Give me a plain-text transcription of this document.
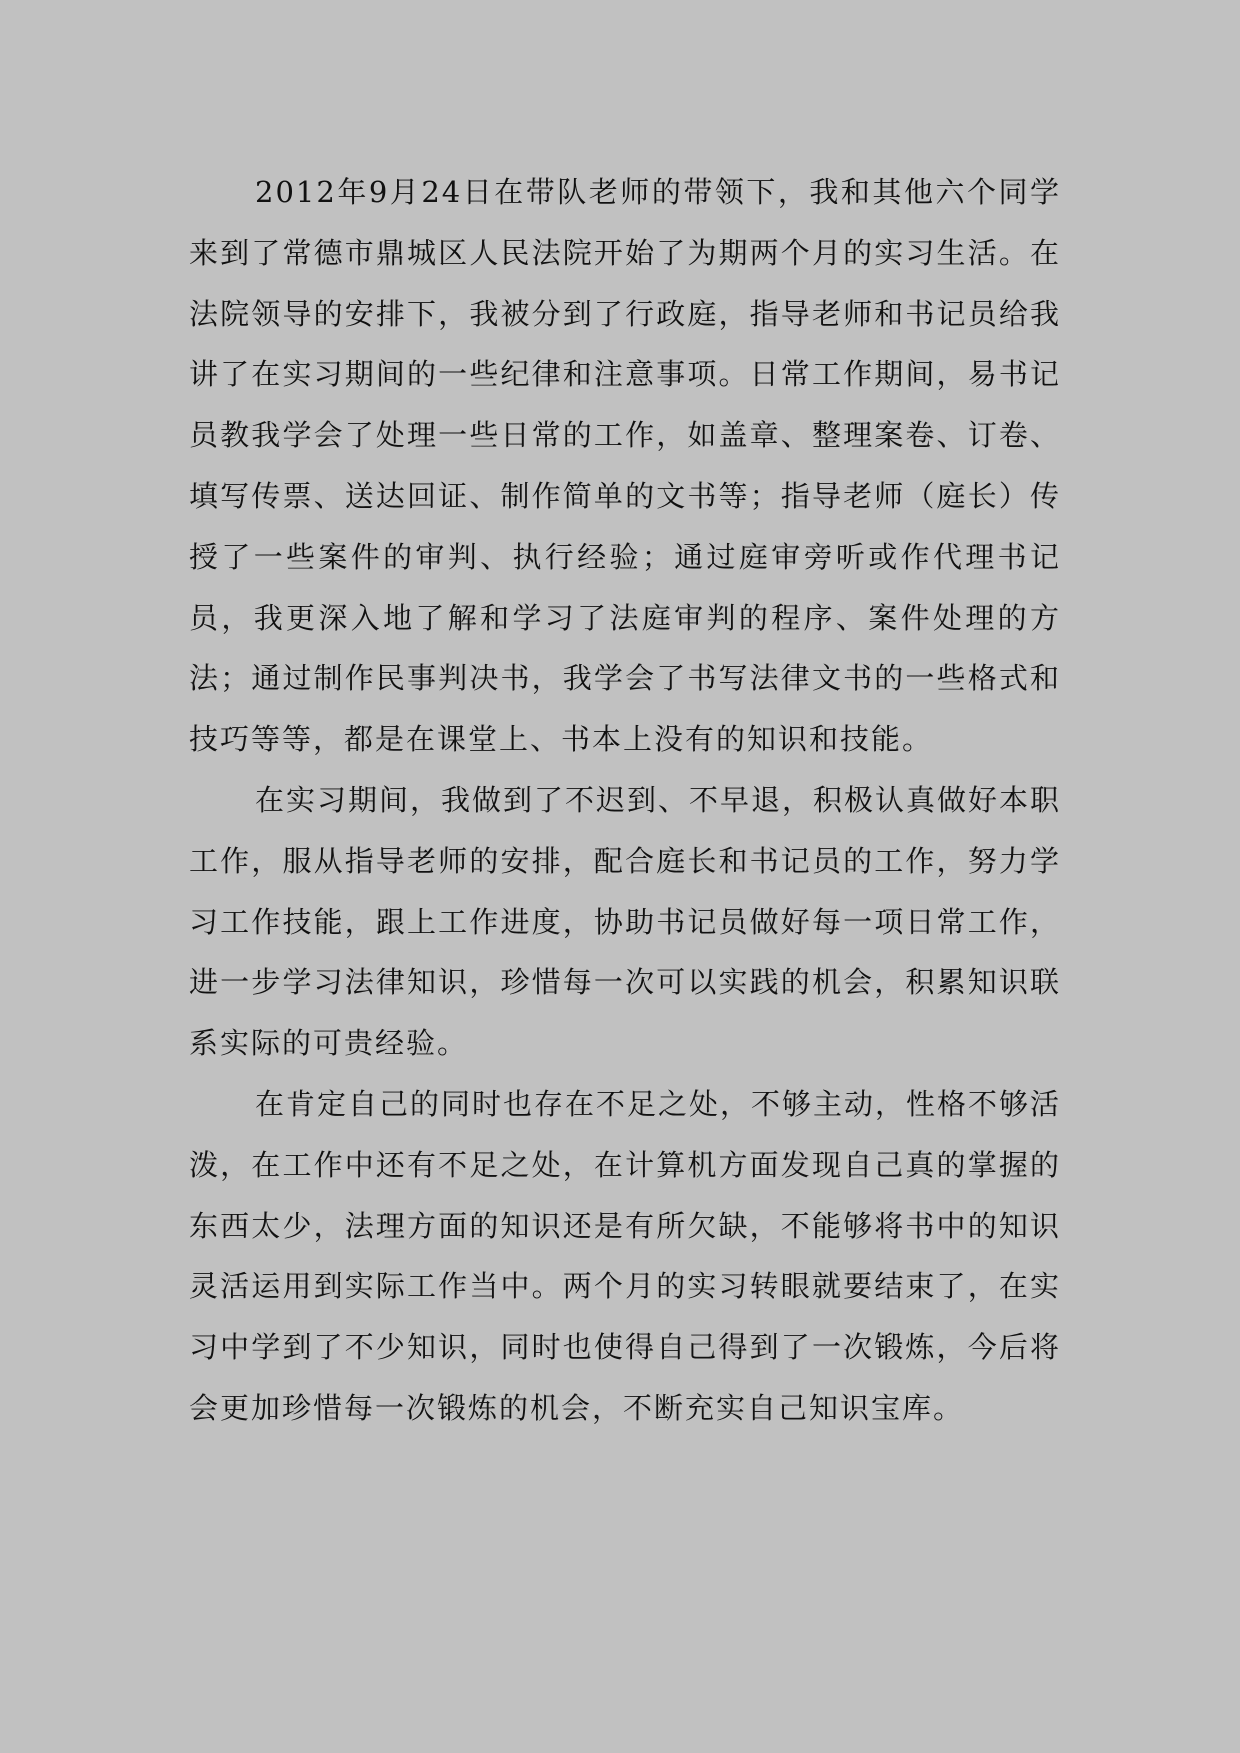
2012年9月24日在带队老师的带领下，我和其他六个同学来到了常德市鼎城区人民法院开始了为期两个月的实习生活。在法院领导的安排下，我被分到了行政庭，指导老师和书记员给我讲了在实习期间的一些纪律和注意事项。日常工作期间，易书记员教我学会了处理一些日常的工作，如盖章、整理案卷、订卷、填写传票、送达回证、制作简单的文书等；指导老师（庭长）传授了一些案件的审判、执行经验；通过庭审旁听或作代理书记员，我更深入地了解和学习了法庭审判的程序、案件处理的方法；通过制作民事判决书，我学会了书写法律文书的一些格式和技巧等等，都是在课堂上、书本上没有的知识和技能。

在实习期间，我做到了不迟到、不早退，积极认真做好本职工作，服从指导老师的安排，配合庭长和书记员的工作，努力学习工作技能，跟上工作进度，协助书记员做好每一项日常工作，进一步学习法律知识，珍惜每一次可以实践的机会，积累知识联系实际的可贵经验。

在肯定自己的同时也存在不足之处，不够主动，性格不够活泼，在工作中还有不足之处，在计算机方面发现自己真的掌握的东西太少，法理方面的知识还是有所欠缺，不能够将书中的知识灵活运用到实际工作当中。两个月的实习转眼就要结束了，在实习中学到了不少知识，同时也使得自己得到了一次锻炼，今后将会更加珍惜每一次锻炼的机会，不断充实自己知识宝库。
